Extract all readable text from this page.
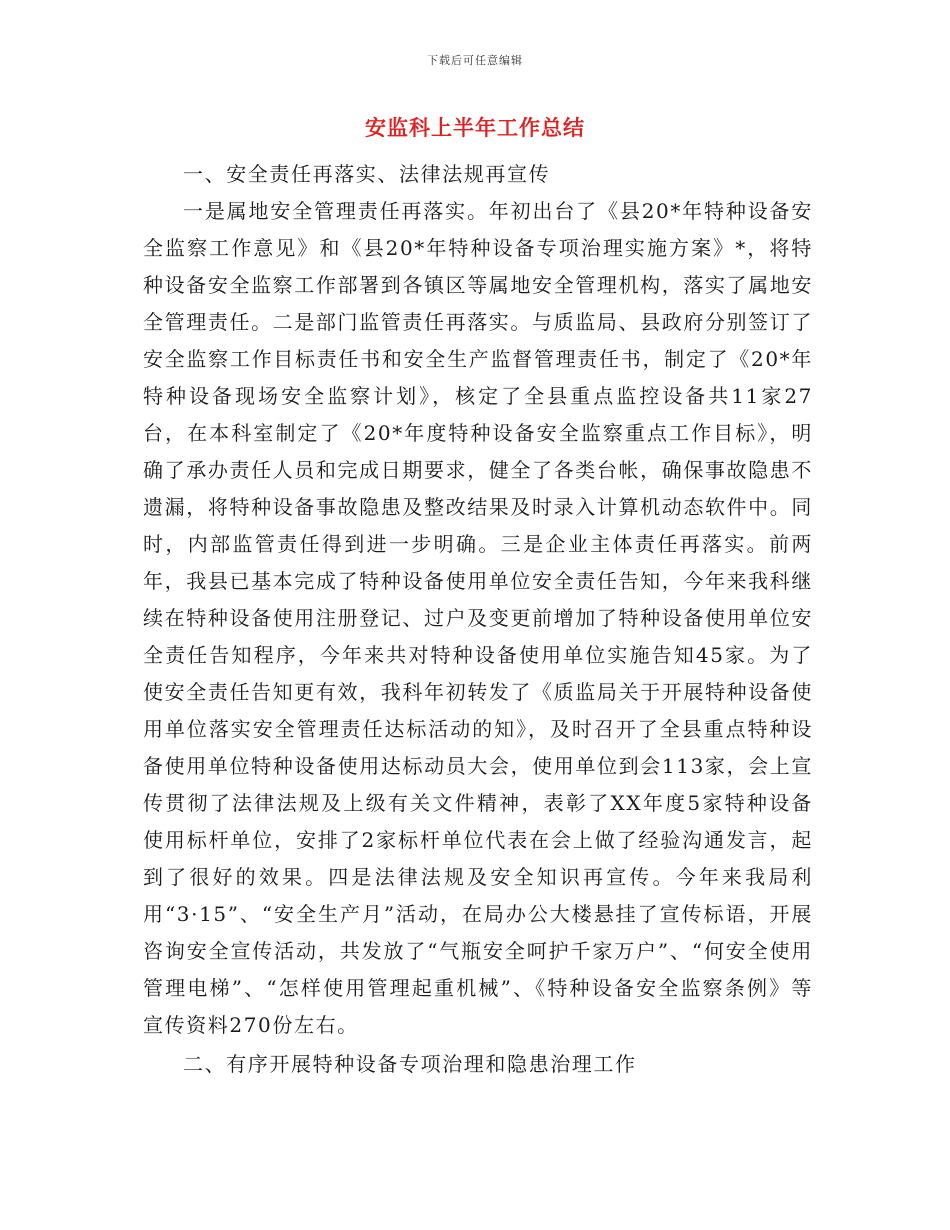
下载后可任意编辑
安监科上半年工作总结

一、安全责任再落实、法律法规再宣传

一是属地安全管理责任再落实。年初出台了《县20*年特种设备安全监察工作意见》和《县20*年特种设备专项治理实施方案》*，将特种设备安全监察工作部署到各镇区等属地安全管理机构，落实了属地安全管理责任。二是部门监管责任再落实。与质监局、县政府分别签订了安全监察工作目标责任书和安全生产监督管理责任书，制定了《20*年特种设备现场安全监察计划》，核定了全县重点监控设备共11家27台，在本科室制定了《20*年度特种设备安全监察重点工作目标》，明确了承办责任人员和完成日期要求，健全了各类台帐，确保事故隐患不遗漏，将特种设备事故隐患及整改结果及时录入计算机动态软件中。同时，内部监管责任得到进一步明确。三是企业主体责任再落实。前两年，我县已基本完成了特种设备使用单位安全责任告知，今年来我科继续在特种设备使用注册登记、过户及变更前增加了特种设备使用单位安全责任告知程序，今年来共对特种设备使用单位实施告知45家。为了使安全责任告知更有效，我科年初转发了《质监局关于开展特种设备使用单位落实安全管理责任达标活动的知》，及时召开了全县重点特种设备使用单位特种设备使用达标动员大会，使用单位到会113家，会上宣传贯彻了法律法规及上级有关文件精神，表彰了XX年度5家特种设备使用标杆单位，安排了2家标杆单位代表在会上做了经验沟通发言，起到了很好的效果。四是法律法规及安全知识再宣传。今年来我局利用“3·15”、“安全生产月”活动，在局办公大楼悬挂了宣传标语，开展咨询安全宣传活动，共发放了“气瓶安全呵护千家万户”、“何安全使用管理电梯”、“怎样使用管理起重机械”、《特种设备安全监察条例》等宣传资料270份左右。

二、有序开展特种设备专项治理和隐患治理工作
